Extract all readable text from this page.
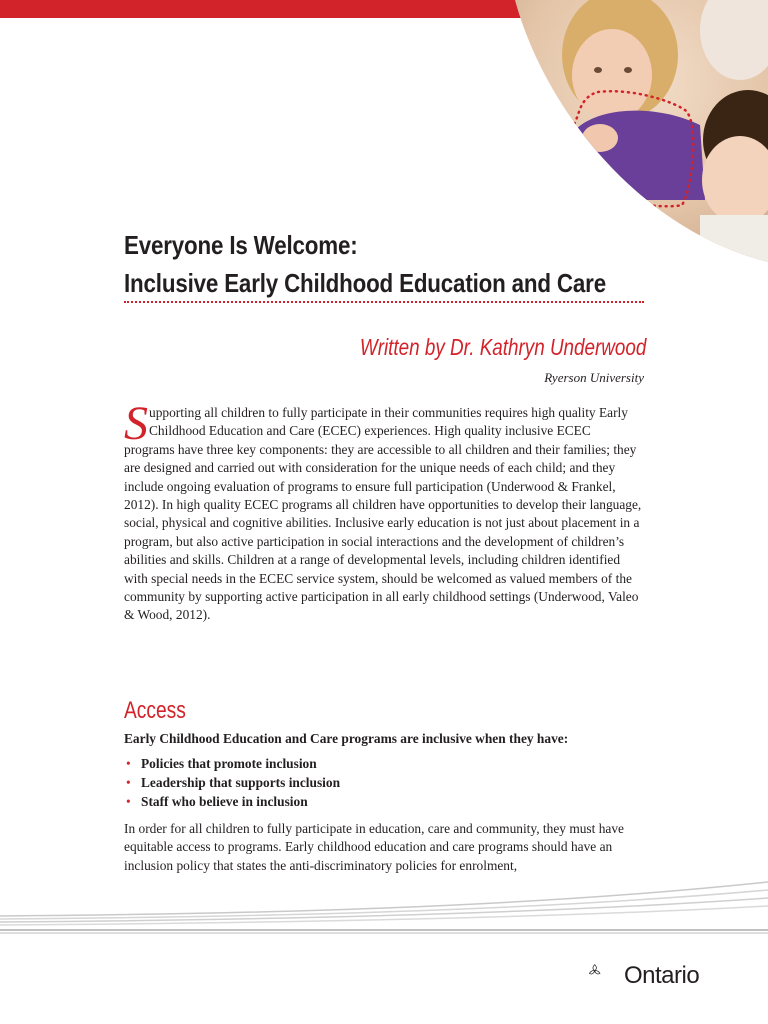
Everyone Is Welcome:
Inclusive Early Childhood Education and Care
Written by Dr. Kathryn Underwood
Ryerson University

Supporting all children to fully participate in their communities requires high quality Early Childhood Education and Care (ECEC) experiences. High quality inclusive ECEC programs have three key components: they are accessible to all children and their families; they are designed and carried out with consideration for the unique needs of each child; and they include ongoing evaluation of programs to ensure full participation (Underwood & Frankel, 2012). In high quality ECEC programs all children have opportunities to develop their language, social, physical and cognitive abilities. Inclusive early education is not just about placement in a program, but also active participation in social interactions and the development of children’s abilities and skills. Children at a range of developmental levels, including children identified with special needs in the ECEC service system, should be welcomed as valued members of the community by supporting active participation in all early childhood settings (Underwood, Valeo & Wood, 2012).

Access

Early Childhood Education and Care programs are inclusive when they have:

• Policies that promote inclusion
• Leadership that supports inclusion
• Staff who believe in inclusion

In order for all children to fully participate in education, care and community, they must have equitable access to programs. Early childhood education and care programs should have an inclusion policy that states the anti-discriminatory policies for enrolment,

Ontario
